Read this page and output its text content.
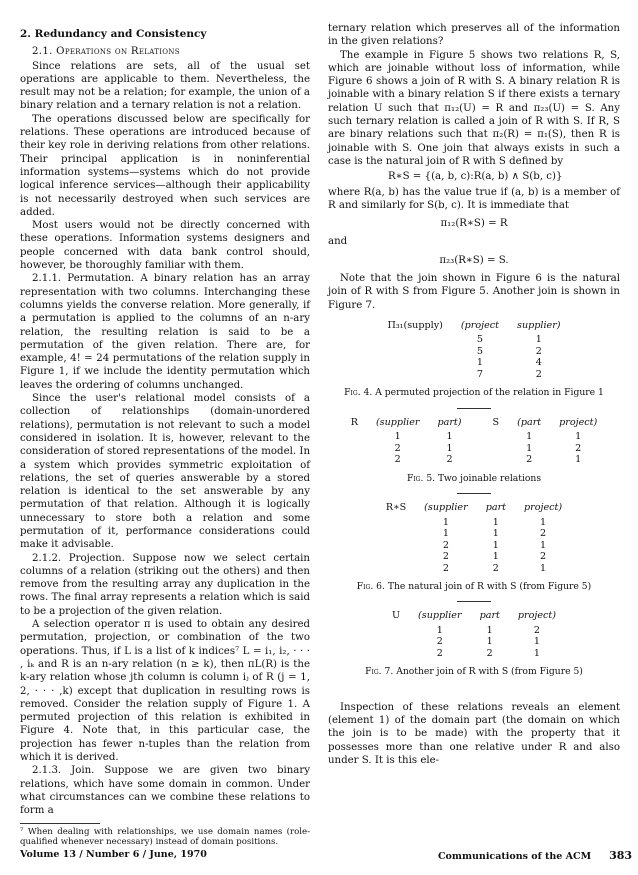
2. Redundancy and Consistency
2.1. Operations on Relations

Since relations are sets, all of the usual set operations are applicable to them. Nevertheless, the result may not be a relation; for example, the union of a binary relation and a ternary relation is not a relation.

The operations discussed below are specifically for relations. These operations are introduced because of their key role in deriving relations from other relations. Their principal application is in noninferential information systems—systems which do not provide logical inference services—although their applicability is not necessarily destroyed when such services are added.

Most users would not be directly concerned with these operations. Information systems designers and people concerned with data bank control should, however, be thoroughly familiar with them.

2.1.1. Permutation. A binary relation has an array representation with two columns. Interchanging these columns yields the converse relation. More generally, if a permutation is applied to the columns of an n-ary relation, the resulting relation is said to be a permutation of the given relation. There are, for example, 4! = 24 permutations of the relation supply in Figure 1, if we include the identity permutation which leaves the ordering of columns unchanged.

Since the user's relational model consists of a collection of relationships (domain-unordered relations), permutation is not relevant to such a model considered in isolation. It is, however, relevant to the consideration of stored representations of the model. In a system which provides symmetric exploitation of relations, the set of queries answerable by a stored relation is identical to the set answerable by any permutation of that relation. Although it is logically unnecessary to store both a relation and some permutation of it, performance considerations could make it advisable.

2.1.2. Projection. Suppose now we select certain columns of a relation (striking out the others) and then remove from the resulting array any duplication in the rows. The final array represents a relation which is said to be a projection of the given relation.

A selection operator π is used to obtain any desired permutation, projection, or combination of the two operations. Thus, if L is a list of k indices⁷ L = i₁, i₂, · · · , iₖ and R is an n-ary relation (n ≥ k), then πL(R) is the k-ary relation whose jth column is column iⱼ of R (j = 1, 2, · · · ,k) except that duplication in resulting rows is removed. Consider the relation supply of Figure 1. A permuted projection of this relation is exhibited in Figure 4. Note that, in this particular case, the projection has fewer n-tuples than the relation from which it is derived.

2.1.3. Join. Suppose we are given two binary relations, which have some domain in common. Under what circumstances can we combine these relations to form a

⁷ When dealing with relationships, we use domain names (role-qualified whenever necessary) instead of domain positions.

ternary relation which preserves all of the information in the given relations?

The example in Figure 5 shows two relations R, S, which are joinable without loss of information, while Figure 6 shows a join of R with S. A binary relation R is joinable with a binary relation S if there exists a ternary relation U such that π₁₂(U) = R and π₂₃(U) = S. Any such ternary relation is called a join of R with S. If R, S are binary relations such that π₂(R) = π₁(S), then R is joinable with S. One join that always exists in such a case is the natural join of R with S defined by

R∗S = {(a, b, c):R(a, b) ∧ S(b, c)}

where R(a, b) has the value true if (a, b) is a member of R and similarly for S(b, c). It is immediate that

π₁₂(R∗S) = R

and

π₂₃(R∗S) = S.

Note that the join shown in Figure 6 is the natural join of R with S from Figure 5. Another join is shown in Figure 7.

Π₃₁(supply)	(project	supplier)
	5	1
	5	2
	1	4
	7	2
Fig. 4. A permuted projection of the relation in Figure 1
R	(supplier	part)	S	(part	project)
	1	1		1	1
	2	1		1	2
	2	2		2	1
Fig. 5. Two joinable relations
R∗S	(supplier	part	project)
	1	1	1
	1	1	2
	2	1	1
	2	1	2
	2	2	1
Fig. 6. The natural join of R with S (from Figure 5)
U	(supplier	part	project)
	1	1	2
	2	1	1
	2	2	1
Fig. 7. Another join of R with S (from Figure 5)

Inspection of these relations reveals an element (element 1) of the domain part (the domain on which the join is to be made) with the property that it possesses more than one relative under R and also under S. It is this ele-

Volume 13 / Number 6 / June, 1970	Communications of the ACM 383
